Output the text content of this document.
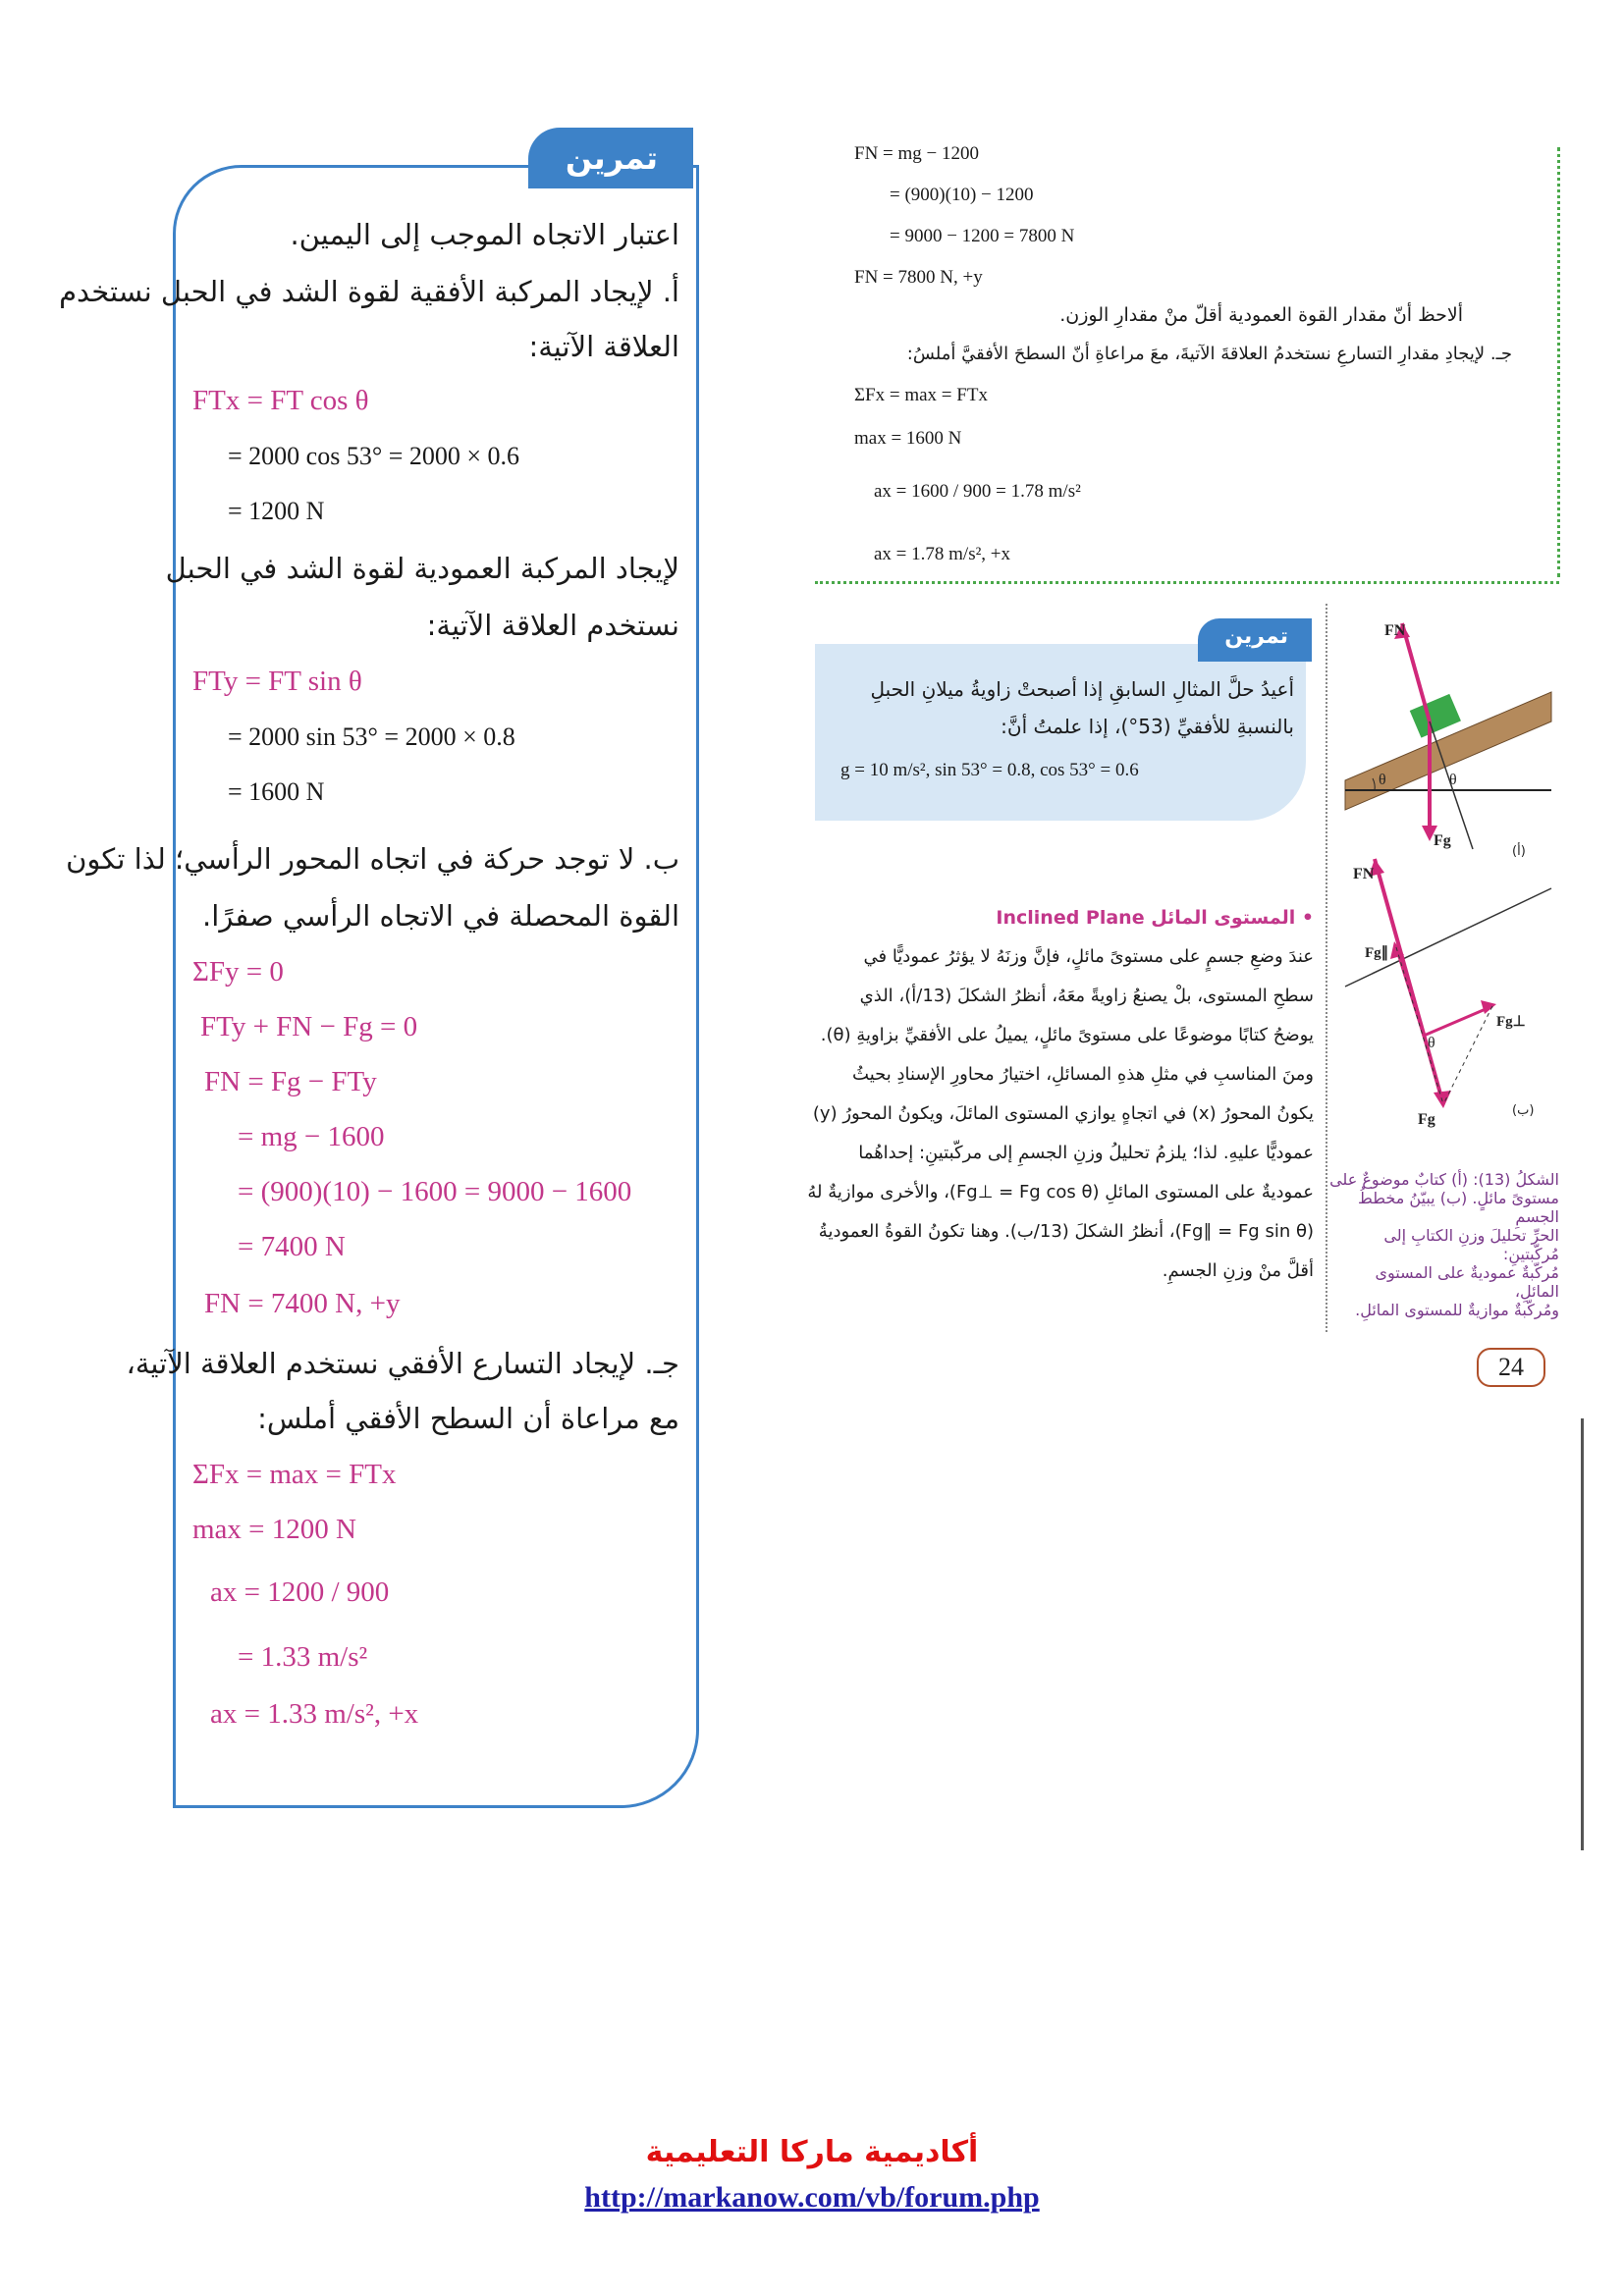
تمرين
اعتبار الاتجاه الموجب إلى اليمين.
أ. لإيجاد المركبة الأفقية لقوة الشد في الحبل نستخدم
العلاقة الآتية:
FTx = FT cos θ
= 2000 cos 53° = 2000 × 0.6
= 1200 N
لإيجاد المركبة العمودية لقوة الشد في الحبل
نستخدم العلاقة الآتية:
FTy = FT sin θ
= 2000 sin 53° = 2000 × 0.8
= 1600 N
ب. لا توجد حركة في اتجاه المحور الرأسي؛ لذا تكون
القوة المحصلة في الاتجاه الرأسي صفرًا.
ΣFy = 0
FTy + FN − Fg = 0
FN = Fg − FTy
= mg − 1600
= (900)(10) − 1600 = 9000 − 1600
= 7400 N
FN = 7400 N, +y
جـ. لإيجاد التسارع الأفقي نستخدم العلاقة الآتية،
مع مراعاة أن السطح الأفقي أملس:
ΣFx = max = FTx
max = 1200 N
ax = 1200 / 900
= 1.33 m/s²
ax = 1.33 m/s², +x
FN = mg − 1200
= (900)(10) − 1200
= 9000 − 1200 = 7800 N
FN = 7800 N, +y
ألاحظ أنّ مقدار القوة العمودية أقلّ منْ مقدارِ الوزن.
جـ. لإيجادِ مقدارِ التسارعِ نستخدمُ العلاقةَ الآتيةَ، معَ مراعاةِ أنّ السطحَ الأفقيَّ أملسُ:
ΣFx = max = FTx
max = 1600 N
ax = 1600 / 900 = 1.78 m/s²
ax = 1.78 m/s², +x
تمرين
أعيدُ حلَّ المثالِ السابقِ إذا أصبحتْ زاويةُ ميلانِ الحبلِ
بالنسبةِ للأفقيِّ (53°)، إذا علمتُ أنَّ:
g = 10 m/s², sin 53° = 0.8, cos 53° = 0.6	θ	θ
FN
Fg
(أ)
FN
Fg∥
Fg⊥
θ
Fg
(ب)
الشكلُ (13): (أ) كتابٌ موضوعٌ على
مستوىً مائلٍ. (ب) يبيّنُ مخططُ الجسمِ
الحرِّ تحليلَ وزنِ الكتابِ إلى مُركّبتينِ:
مُركّبةٌ عموديةٌ على المستوى المائلِ،
ومُركّبةٌ موازيةٌ للمستوى المائلِ.
• المستوى المائل Inclined Plane
عندَ وضعِ جسمٍ على مستوىً مائلٍ، فإنَّ وزنَهُ لا يؤثرُ عموديًّا في
سطحِ المستوى، بلْ يصنعُ زاويةً معَهُ، أنظرُ الشكلَ (13/أ)، الذي
يوضحُ كتابًا موضوعًا على مستوىً مائلٍ، يميلُ على الأفقيِّ بزاويةِ (θ).
ومنَ المناسبِ في مثلِ هذهِ المسائلِ، اختيارُ محاورِ الإسنادِ بحيثُ
يكونُ المحورُ (x) في اتجاهٍ يوازي المستوى المائلَ، ويكونُ المحورُ (y)
عموديًّا عليهِ. لذا؛ يلزمُ تحليلُ وزنِ الجسمِ إلى مركّبتينِ: إحداهُما
عموديةٌ على المستوى المائلِ (Fg⊥ = Fg cos θ)، والأخرى موازيةٌ لهُ
(Fg∥ = Fg sin θ)، أنظرُ الشكلَ (13/ب). وهنا تكونُ القوةُ العموديةُ
أقلَّ منْ وزنِ الجسمِ.
24
أكاديمية ماركا التعليمية
http://markanow.com/vb/forum.php
